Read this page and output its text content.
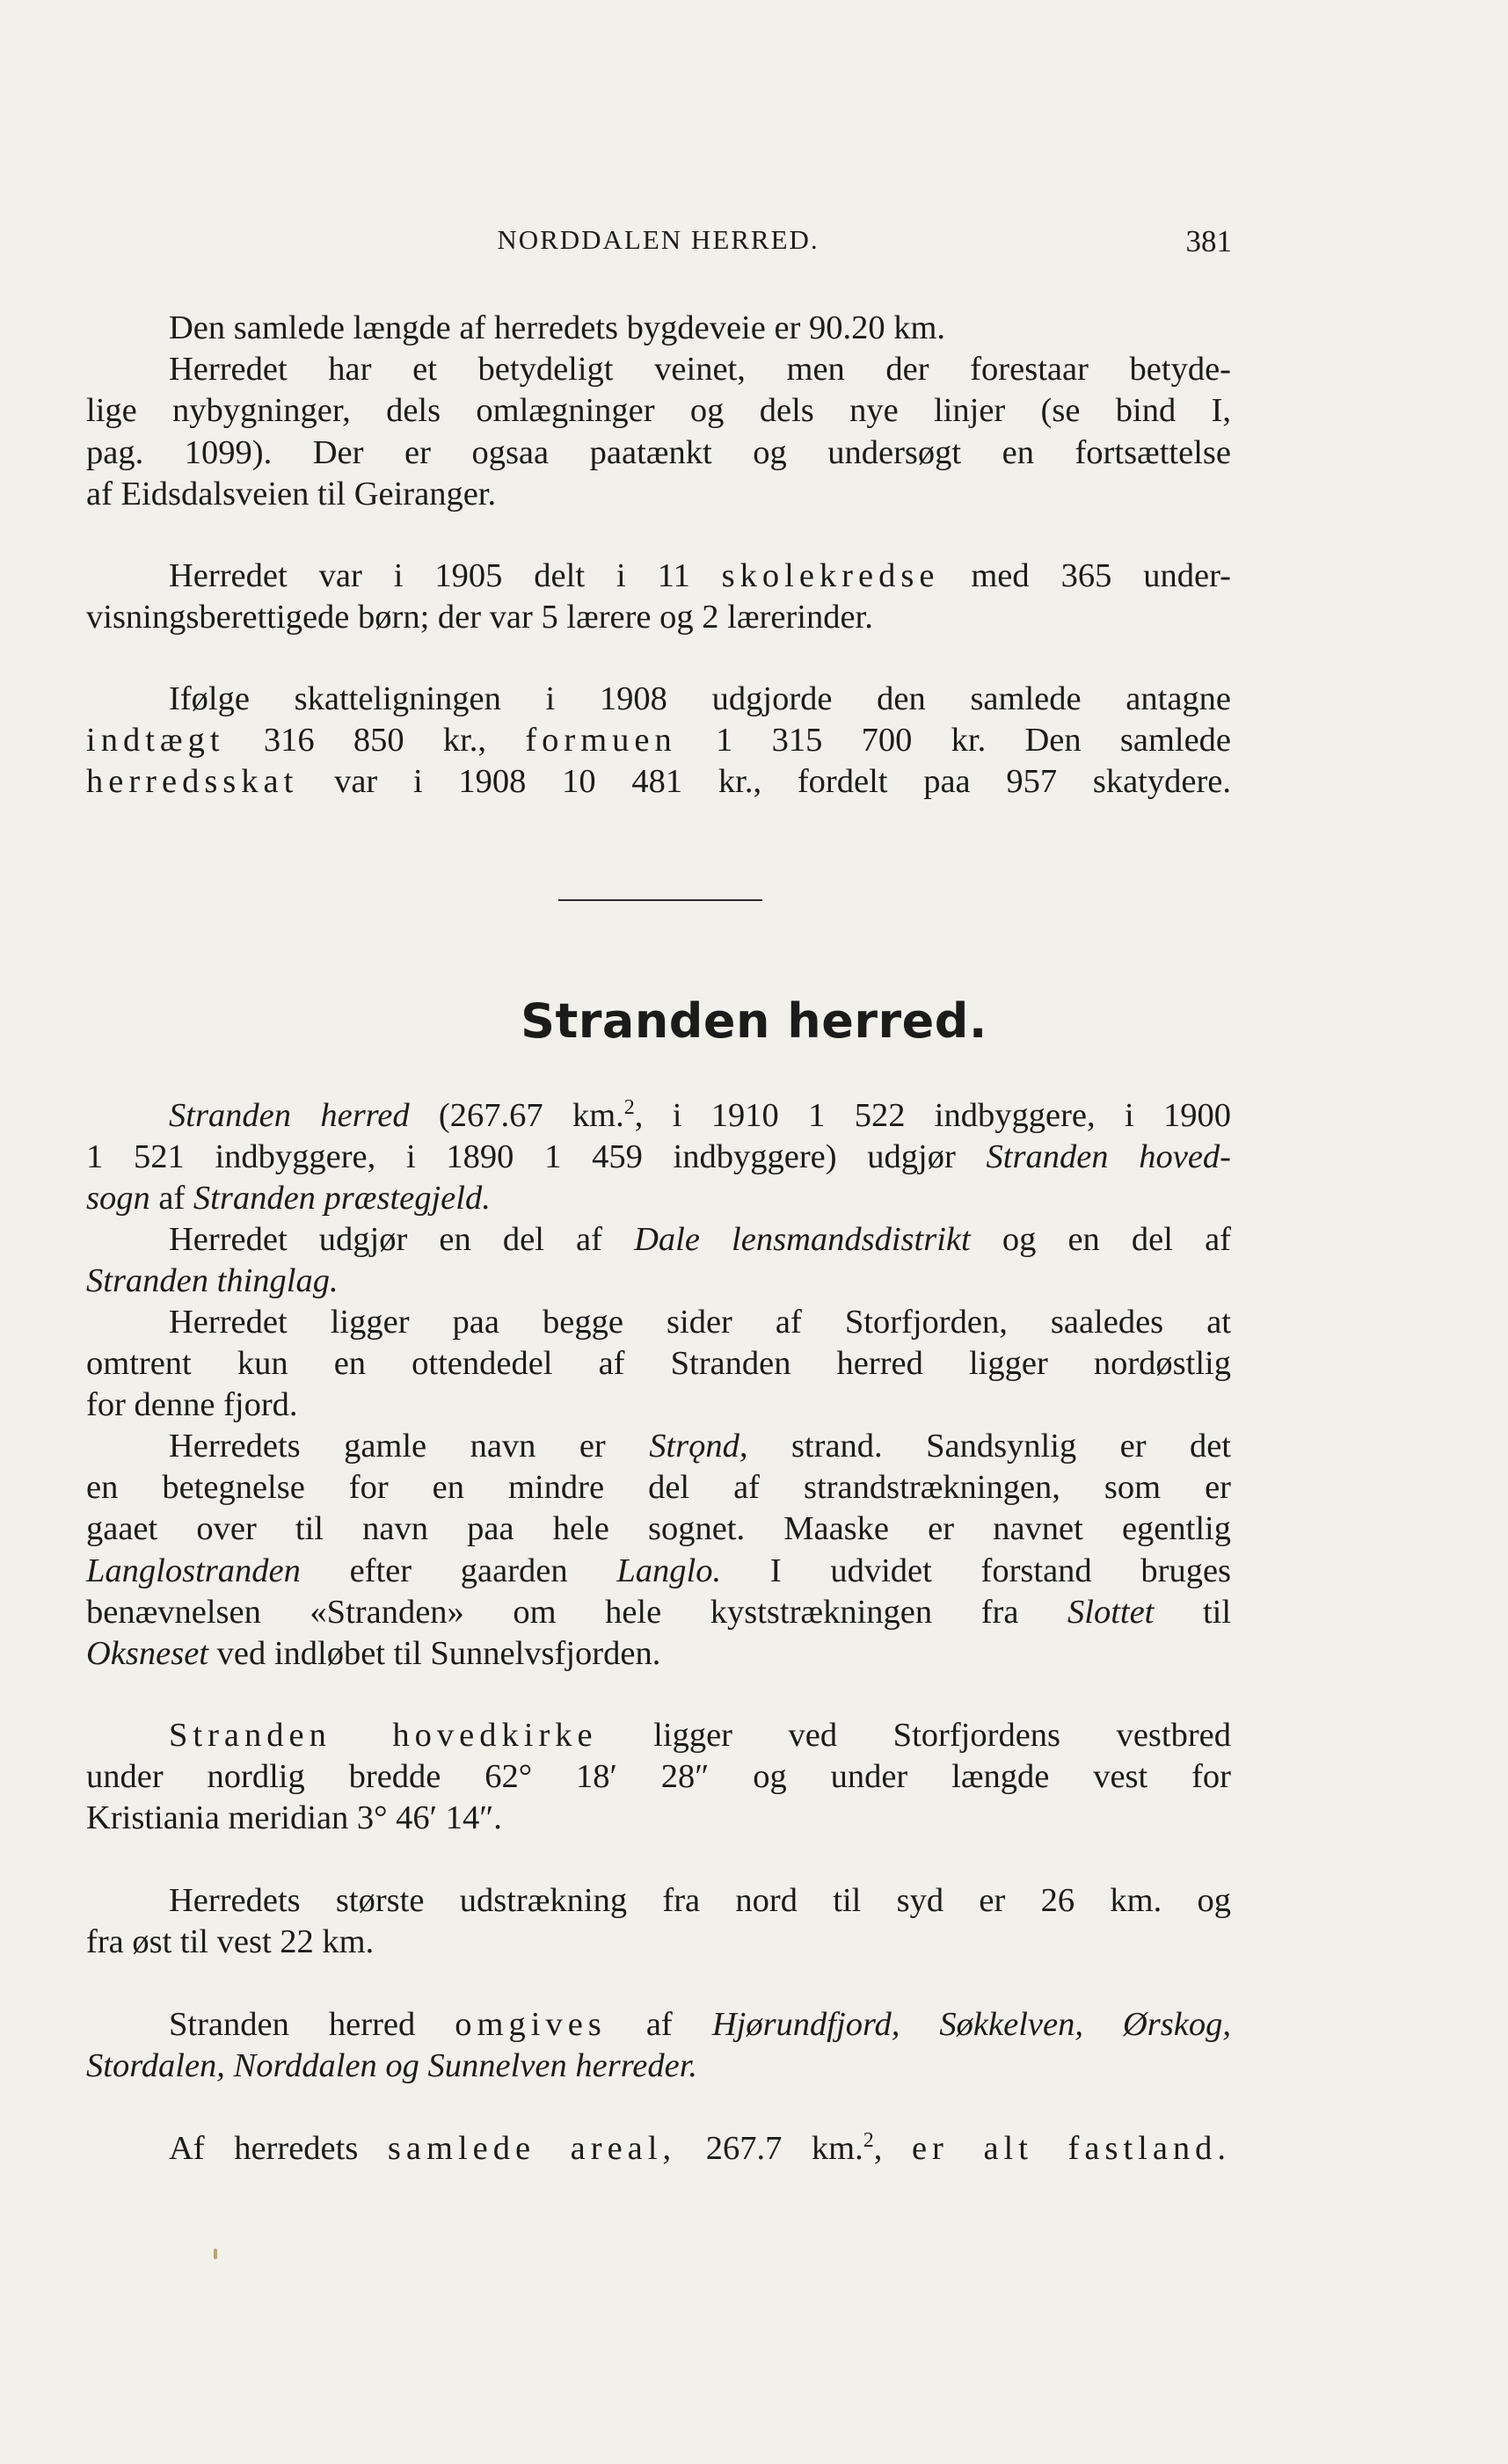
NORDDALEN HERRED.	381
Den samlede længde af herredets bygdeveie er 90.20 km.
Herredet har et betydeligt veinet, men der forestaar betyde-
lige nybygninger, dels omlægninger og dels nye linjer (se bind I,
pag. 1099). Der er ogsaa paatænkt og undersøgt en fortsættelse
af Eidsdalsveien til Geiranger.
Herredet var i 1905 delt i 11 skolekredse med 365 under-
visningsberettigede børn; der var 5 lærere og 2 lærerinder.
Ifølge skatteligningen i 1908 udgjorde den samlede antagne
indtægt 316 850 kr., formuen 1 315 700 kr. Den samlede
herredsskat var i 1908 10 481 kr., fordelt paa 957 skatydere.
Stranden herred.
Stranden herred (267.67 km.$^2$, i 1910 1 522 indbyggere, i 1900
1 521 indbyggere, i 1890 1 459 indbyggere) udgjør Stranden hoved-
sogn af Stranden præstegjeld.
Herredet udgjør en del af Dale lensmandsdistrikt og en del af
Stranden thinglag.
Herredet ligger paa begge sider af Storfjorden, saaledes at
omtrent kun en ottendedel af Stranden herred ligger nordøstlig
for denne fjord.
Herredets gamle navn er Strǫnd, strand. Sandsynlig er det
en betegnelse for en mindre del af strandstrækningen, som er
gaaet over til navn paa hele sognet. Maaske er navnet egentlig
Langlostranden efter gaarden Langlo. I udvidet forstand bruges
benævnelsen «Stranden» om hele kyststrækningen fra Slottet til
Oksneset ved indløbet til Sunnelvsfjorden.
Stranden hovedkirke ligger ved Storfjordens vestbred
under nordlig bredde 62° 18′ 28″ og under længde vest for
Kristiania meridian 3° 46′ 14″.
Herredets største udstrækning fra nord til syd er 26 km. og
fra øst til vest 22 km.
Stranden herred omgives af Hjørundfjord, Søkkelven, Ørskog,
Stordalen, Norddalen og Sunnelven herreder.
Af herredets samlede areal, 267.7 km.$^2$, er alt fastland.
